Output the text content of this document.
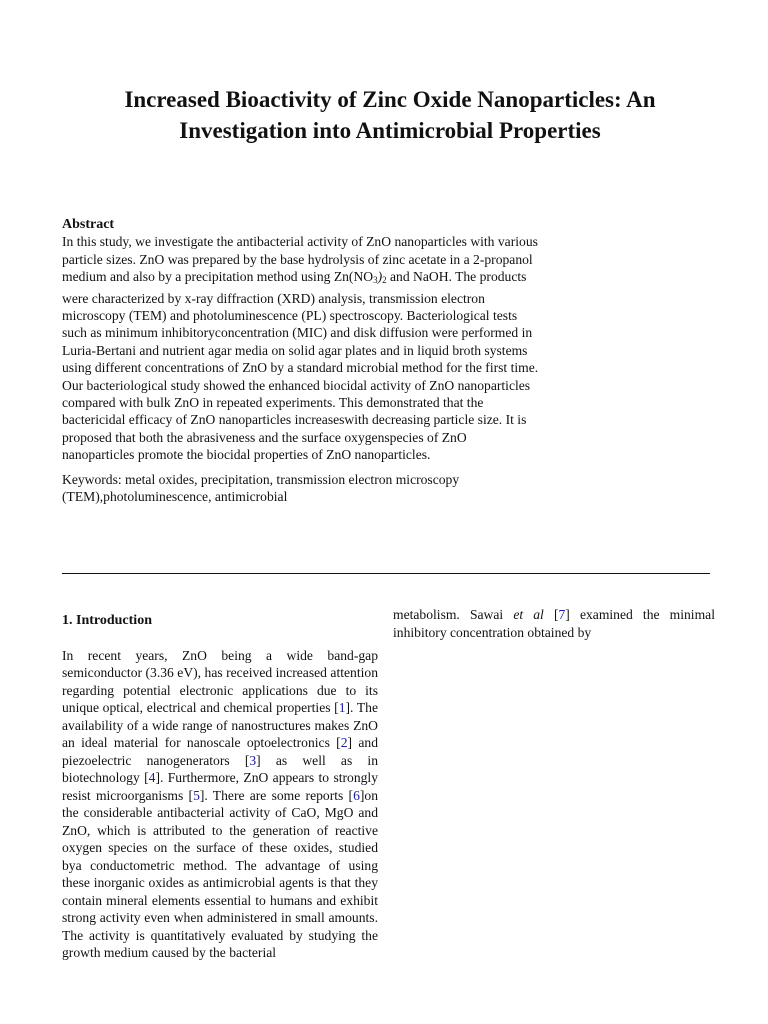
Increased Bioactivity of Zinc Oxide Nanoparticles: An Investigation into Antimicrobial Properties
Abstract

In this study, we investigate the antibacterial activity of ZnO nanoparticles with various particle sizes. ZnO was prepared by the base hydrolysis of zinc acetate in a 2-propanol medium and also by a precipitation method using $Zn(NO_3)_2$ and NaOH. The products were characterized by x-ray diffraction (XRD) analysis, transmission electron microscopy (TEM) and photoluminescence (PL) spectroscopy. Bacteriological tests such as minimum inhibitoryconcentration (MIC) and disk diffusion were performed in Luria-Bertani and nutrient agar media on solid agar plates and in liquid broth systems using different concentrations of ZnO by a standard microbial method for the first time. Our bacteriological study showed the enhanced biocidal activity of ZnO nanoparticles compared with bulk ZnO in repeated experiments. This demonstrated that the bactericidal efficacy of ZnO nanoparticles increaseswith decreasing particle size. It is proposed that both the abrasiveness and the surface oxygenspecies of ZnO nanoparticles promote the biocidal properties of ZnO nanoparticles.

Keywords: metal oxides, precipitation, transmission electron microscopy (TEM),photoluminescence, antimicrobial

1. Introduction

In recent years, ZnO being a wide band-gap semiconductor (3.36 eV), has received increased attention regarding potential electronic applications due to its unique optical, electrical and chemical properties [1]. The availability of a wide range of nanostructures makes ZnO an ideal material for nanoscale optoelectronics [2] and piezoelectric nanogenerators [3] as well as in biotechnology [4]. Furthermore, ZnO appears to strongly resist microorganisms [5]. There are some reports [6]on the considerable antibacterial activity of CaO, MgO and ZnO, which is attributed to the generation of reactive oxygen species on the surface of these oxides, studied bya conductometric method. The advantage of using these inorganic oxides as antimicrobial agents is that they contain mineral elements essential to humans and exhibit strong activity even when administered in small amounts. The activity is quantitatively evaluated by studying the growth medium caused by the bacterial

metabolism. Sawai et al [7] examined the minimal inhibitory concentration obtained by
